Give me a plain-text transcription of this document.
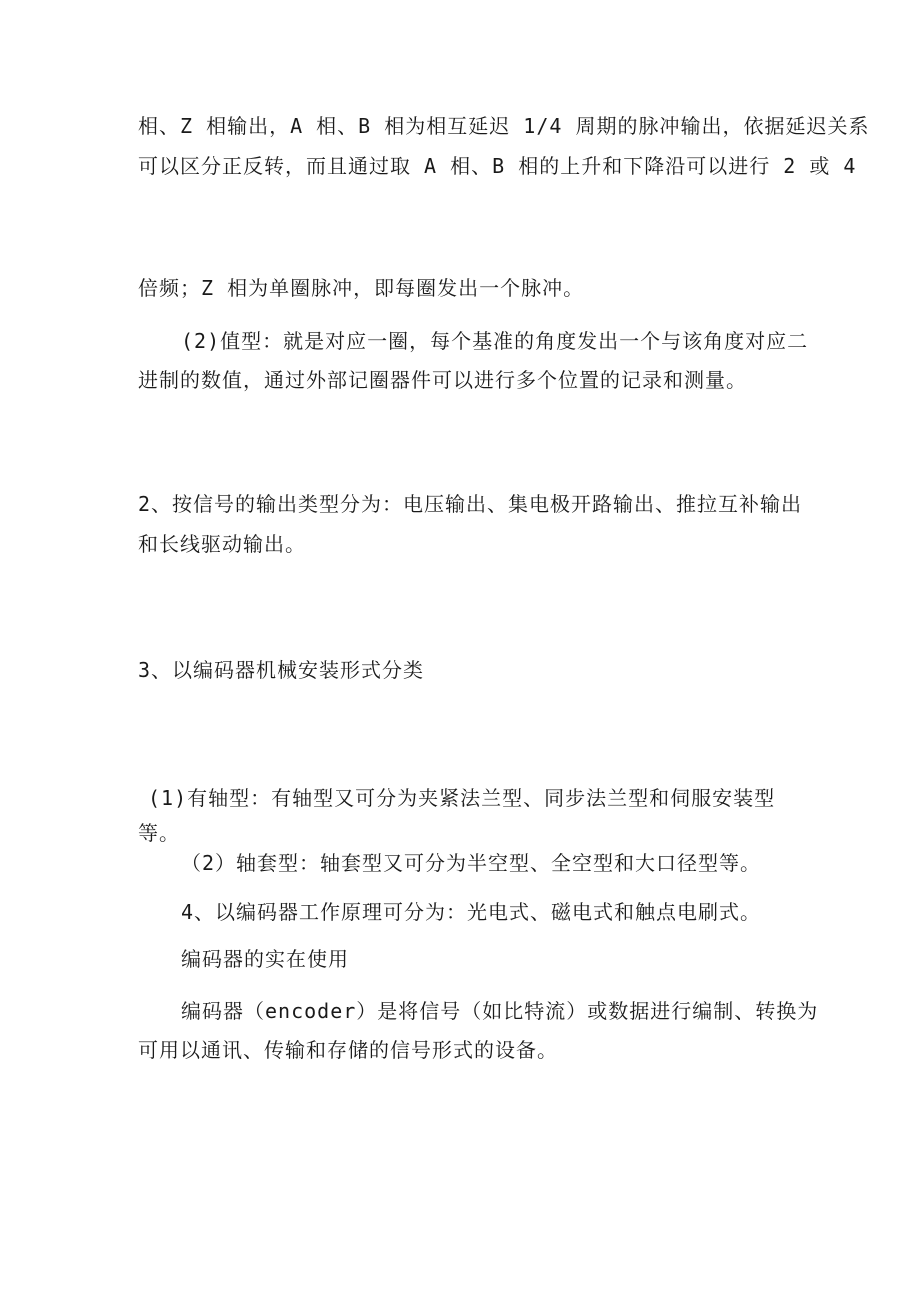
相、Z 相输出，A 相、B 相为相互延迟 1/4 周期的脉冲输出，依据延迟关系
可以区分正反转，而且通过取 A 相、B 相的上升和下降沿可以进行 2 或 4
倍频；Z 相为单圈脉冲，即每圈发出一个脉冲。
(2)值型：就是对应一圈，每个基准的角度发出一个与该角度对应二
进制的数值，通过外部记圈器件可以进行多个位置的记录和测量。
2、按信号的输出类型分为：电压输出、集电极开路输出、推拉互补输出
和长线驱动输出。
3、以编码器机械安装形式分类
(1)有轴型：有轴型又可分为夹紧法兰型、同步法兰型和伺服安装型
等。
（2）轴套型：轴套型又可分为半空型、全空型和大口径型等。
4、以编码器工作原理可分为：光电式、磁电式和触点电刷式。
编码器的实在使用
编码器（encoder）是将信号（如比特流）或数据进行编制、转换为
可用以通讯、传输和存储的信号形式的设备。
